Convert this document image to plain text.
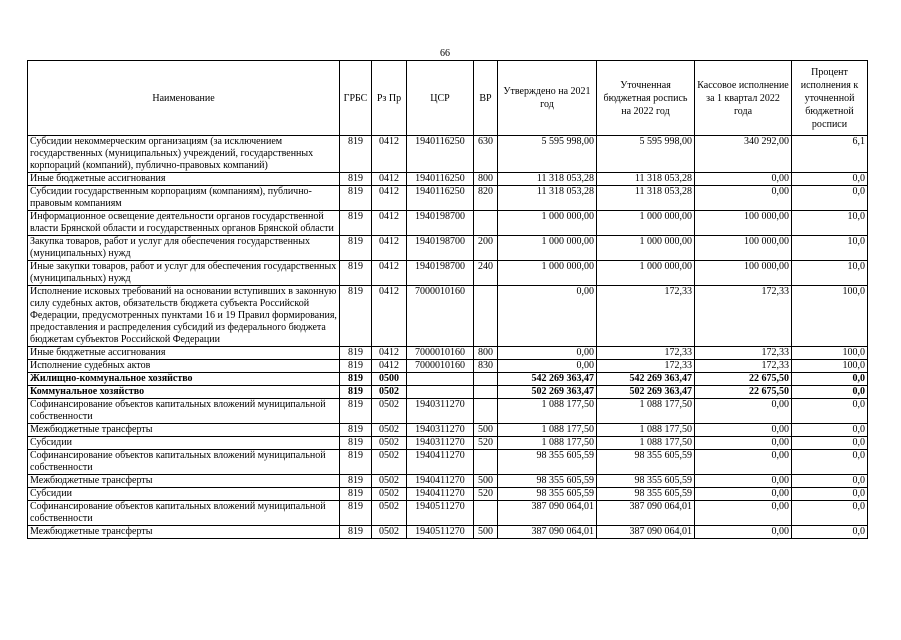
66
Наименование	ГРБС	Рз Пр	ЦСР	ВР	Утверждено на 2021 год	Уточненная бюджетная роспись на 2022 год	Кассовое исполнение за 1 квартал 2022 года	Процент исполнения к уточненной бюджетной росписи
Субсидии некоммерческим организациям (за исключением государственных (муниципальных) учреждений, государственных корпораций (компаний), публично-правовых компаний)	819	0412	1940116250	630	5 595 998,00	5 595 998,00	340 292,00	6,1
Иные бюджетные ассигнования	819	0412	1940116250	800	11 318 053,28	11 318 053,28	0,00	0,0
Субсидии государственным корпорациям (компаниям), публично-правовым компаниям	819	0412	1940116250	820	11 318 053,28	11 318 053,28	0,00	0,0
Информационное освещение деятельности органов государственной власти Брянской области и государственных органов Брянской области	819	0412	1940198700		1 000 000,00	1 000 000,00	100 000,00	10,0
Закупка товаров, работ и услуг для обеспечения государственных (муниципальных) нужд	819	0412	1940198700	200	1 000 000,00	1 000 000,00	100 000,00	10,0
Иные закупки товаров, работ и услуг для обеспечения государственных (муниципальных) нужд	819	0412	1940198700	240	1 000 000,00	1 000 000,00	100 000,00	10,0
Исполнение исковых требований на основании вступивших в законную силу судебных актов, обязательств бюджета субъекта Российской Федерации, предусмотренных пунктами 16 и 19 Правил формирования, предоставления и распределения субсидий из федерального бюджета бюджетам субъектов Российской Федерации	819	0412	7000010160		0,00	172,33	172,33	100,0
Иные бюджетные ассигнования	819	0412	7000010160	800	0,00	172,33	172,33	100,0
Исполнение судебных актов	819	0412	7000010160	830	0,00	172,33	172,33	100,0
Жилищно-коммунальное хозяйство	819	0500			542 269 363,47	542 269 363,47	22 675,50	0,0
Коммунальное хозяйство	819	0502			502 269 363,47	502 269 363,47	22 675,50	0,0
Софинансирование объектов капитальных вложений муниципальной собственности	819	0502	1940311270		1 088 177,50	1 088 177,50	0,00	0,0
Межбюджетные трансферты	819	0502	1940311270	500	1 088 177,50	1 088 177,50	0,00	0,0
Субсидии	819	0502	1940311270	520	1 088 177,50	1 088 177,50	0,00	0,0
Софинансирование объектов капитальных вложений муниципальной собственности	819	0502	1940411270		98 355 605,59	98 355 605,59	0,00	0,0
Межбюджетные трансферты	819	0502	1940411270	500	98 355 605,59	98 355 605,59	0,00	0,0
Субсидии	819	0502	1940411270	520	98 355 605,59	98 355 605,59	0,00	0,0
Софинансирование объектов капитальных вложений муниципальной собственности	819	0502	1940511270		387 090 064,01	387 090 064,01	0,00	0,0
Межбюджетные трансферты	819	0502	1940511270	500	387 090 064,01	387 090 064,01	0,00	0,0
